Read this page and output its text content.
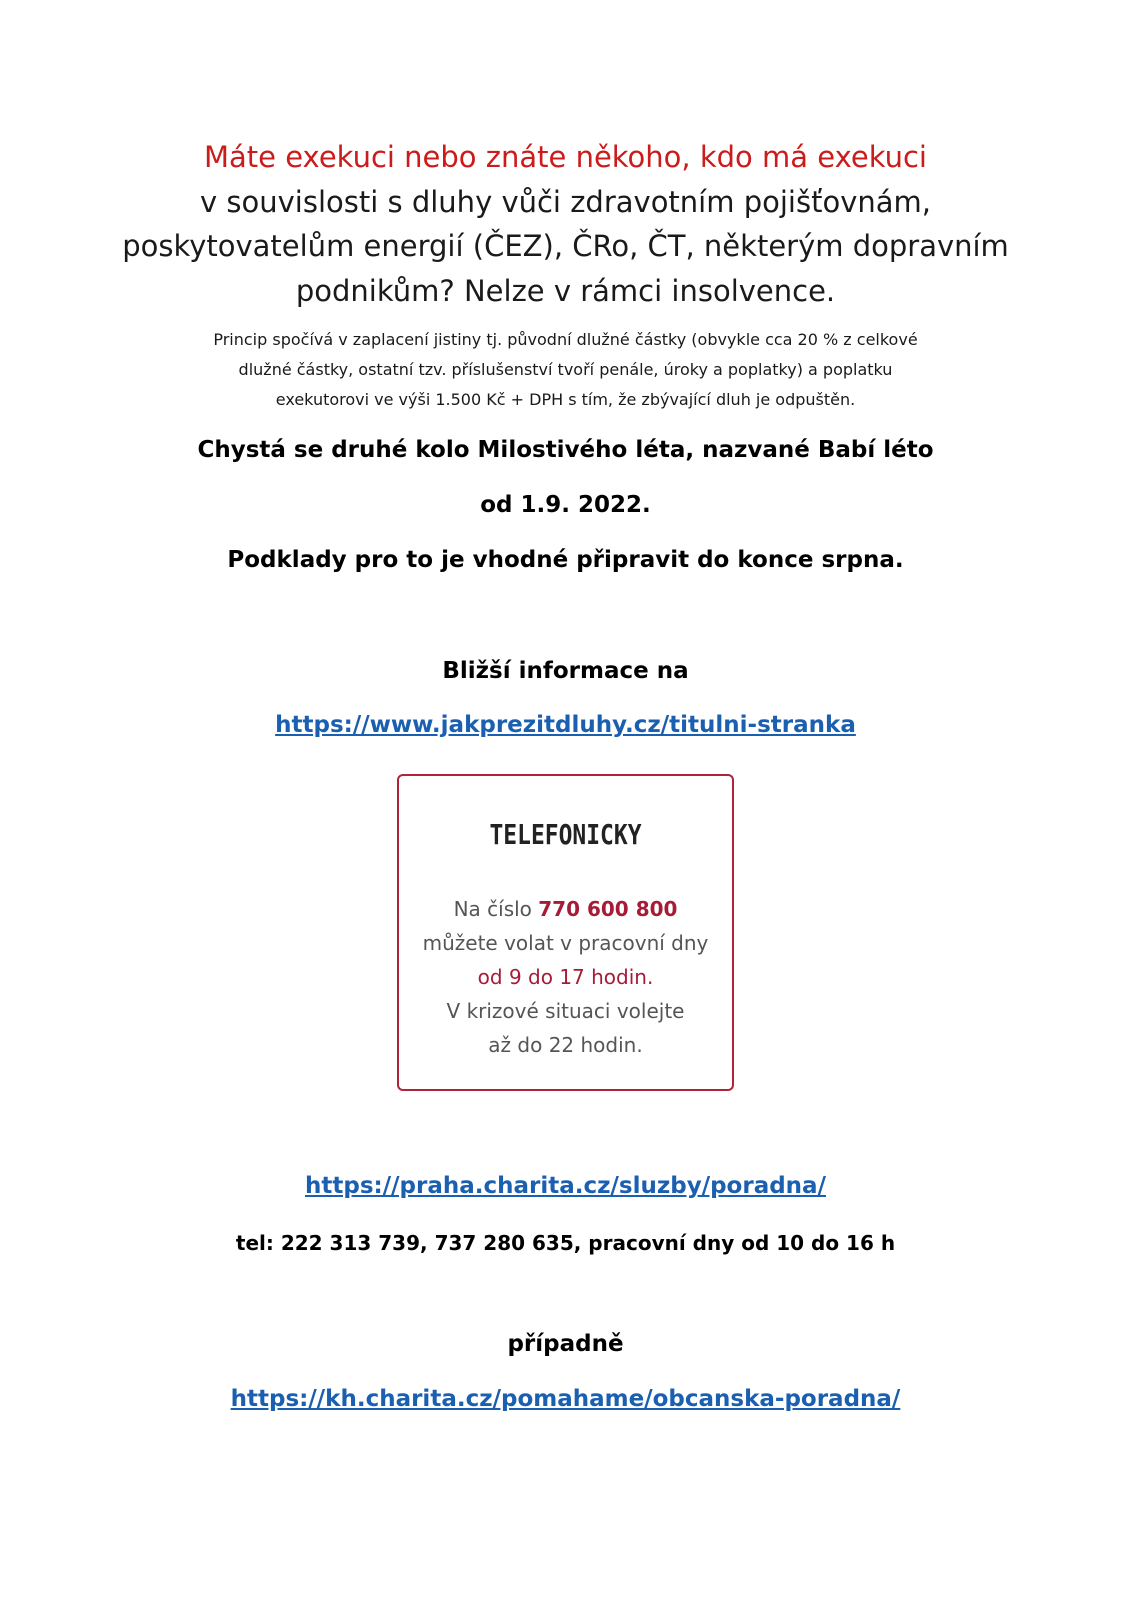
Máte exekuci nebo znáte někoho, kdo má exekuci
v souvislosti s dluhy vůči zdravotním pojišťovnám,
poskytovatelům energií (ČEZ), ČRo, ČT, některým dopravním
podnikům? Nelze v rámci insolvence.
Princip spočívá v zaplacení jistiny tj. původní dlužné částky (obvykle cca 20 % z celkové
dlužné částky, ostatní tzv. příslušenství tvoří penále, úroky a poplatky) a poplatku
exekutorovi ve výši 1.500 Kč + DPH s tím, že zbývající dluh je odpuštěn.
Chystá se druhé kolo Milostivého léta, nazvané Babí léto
od 1.9. 2022.
Podklady pro to je vhodné připravit do konce srpna.
Bližší informace na
https://www.jakprezitdluhy.cz/titulni-stranka
TELEFONICKY
Na číslo 770 600 800
můžete volat v pracovní dny
od 9 do 17 hodin.
V krizové situaci volejte
až do 22 hodin.
https://praha.charita.cz/sluzby/poradna/
tel: 222 313 739, 737 280 635, pracovní dny od 10 do 16 h
případně
https://kh.charita.cz/pomahame/obcanska-poradna/
